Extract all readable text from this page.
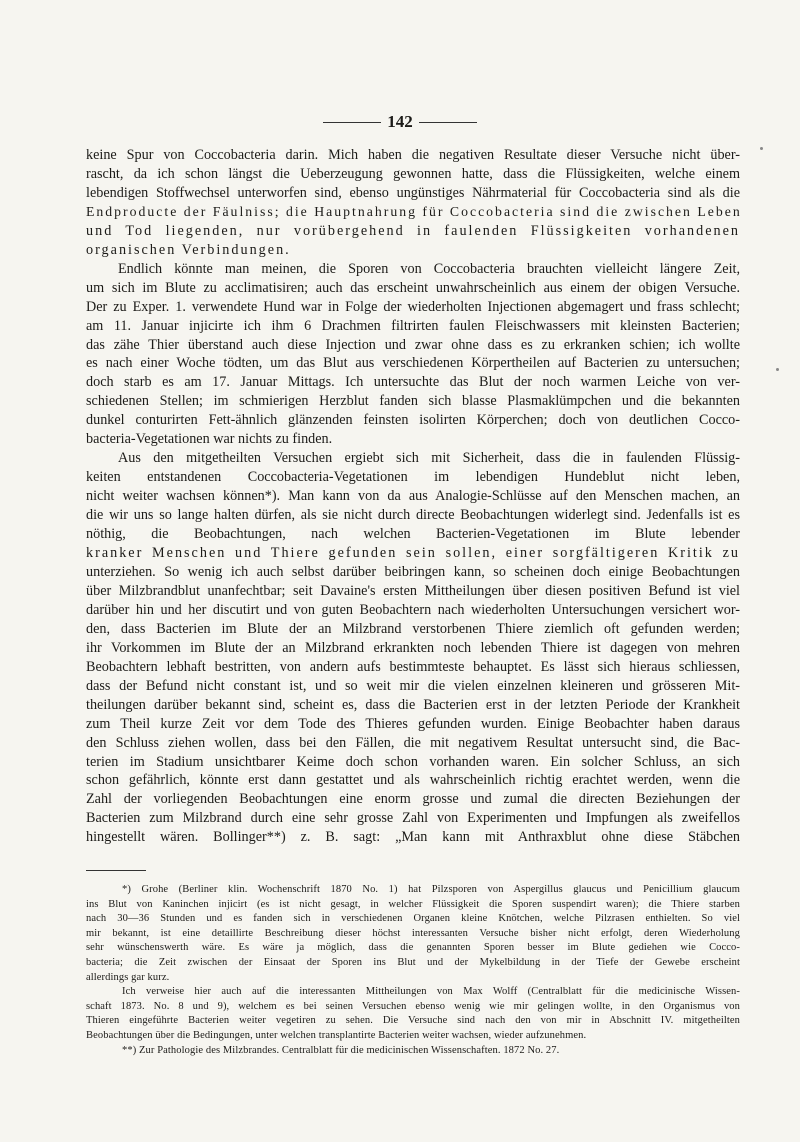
142
keine Spur von Coccobacteria darin. Mich haben die negativen Resultate dieser Versuche nicht über-
rascht, da ich schon längst die Ueberzeugung gewonnen hatte, dass die Flüssigkeiten, welche einem
lebendigen Stoffwechsel unterworfen sind, ebenso ungünstiges Nährmaterial für Coccobacteria sind als die
Endproducte der Fäulniss; die Hauptnahrung für Coccobacteria sind die zwischen Leben
und Tod liegenden, nur vorübergehend in faulenden Flüssigkeiten vorhandenen
organischen Verbindungen.
Endlich könnte man meinen, die Sporen von Coccobacteria brauchten vielleicht längere Zeit,
um sich im Blute zu acclimatisiren; auch das erscheint unwahrscheinlich aus einem der obigen Versuche.
Der zu Exper. 1. verwendete Hund war in Folge der wiederholten Injectionen abgemagert und frass schlecht;
am 11. Januar injicirte ich ihm 6 Drachmen filtrirten faulen Fleischwassers mit kleinsten Bacterien;
das zähe Thier überstand auch diese Injection und zwar ohne dass es zu erkranken schien; ich wollte
es nach einer Woche tödten, um das Blut aus verschiedenen Körpertheilen auf Bacterien zu untersuchen;
doch starb es am 17. Januar Mittags. Ich untersuchte das Blut der noch warmen Leiche von ver-
schiedenen Stellen; im schmierigen Herzblut fanden sich blasse Plasmaklümpchen und die bekannten
dunkel conturirten Fett-ähnlich glänzenden feinsten isolirten Körperchen; doch von deutlichen Cocco-
bacteria-Vegetationen war nichts zu finden.
Aus den mitgetheilten Versuchen ergiebt sich mit Sicherheit, dass die in faulenden Flüssig-
keiten entstandenen Coccobacteria-Vegetationen im lebendigen Hundeblut nicht leben,
nicht weiter wachsen können*). Man kann von da aus Analogie-Schlüsse auf den Menschen machen, an
die wir uns so lange halten dürfen, als sie nicht durch directe Beobachtungen widerlegt sind. Jedenfalls ist es
nöthig, die Beobachtungen, nach welchen Bacterien-Vegetationen im Blute lebender
kranker Menschen und Thiere gefunden sein sollen, einer sorgfältigeren Kritik zu
unterziehen. So wenig ich auch selbst darüber beibringen kann, so scheinen doch einige Beobachtungen
über Milzbrandblut unanfechtbar; seit Davaine's ersten Mittheilungen über diesen positiven Befund ist viel
darüber hin und her discutirt und von guten Beobachtern nach wiederholten Untersuchungen versichert wor-
den, dass Bacterien im Blute der an Milzbrand verstorbenen Thiere ziemlich oft gefunden werden;
ihr Vorkommen im Blute der an Milzbrand erkrankten noch lebenden Thiere ist dagegen von mehren
Beobachtern lebhaft bestritten, von andern aufs bestimmteste behauptet. Es lässt sich hieraus schliessen,
dass der Befund nicht constant ist, und so weit mir die vielen einzelnen kleineren und grösseren Mit-
theilungen darüber bekannt sind, scheint es, dass die Bacterien erst in der letzten Periode der Krankheit
zum Theil kurze Zeit vor dem Tode des Thieres gefunden wurden. Einige Beobachter haben daraus
den Schluss ziehen wollen, dass bei den Fällen, die mit negativem Resultat untersucht sind, die Bac-
terien im Stadium unsichtbarer Keime doch schon vorhanden waren. Ein solcher Schluss, an sich
schon gefährlich, könnte erst dann gestattet und als wahrscheinlich richtig erachtet werden, wenn die
Zahl der vorliegenden Beobachtungen eine enorm grosse und zumal die directen Beziehungen der
Bacterien zum Milzbrand durch eine sehr grosse Zahl von Experimenten und Impfungen als zweifellos
hingestellt wären. Bollinger**) z. B. sagt: „Man kann mit Anthraxblut ohne diese Stäbchen
*) Grohe (Berliner klin. Wochenschrift 1870 No. 1) hat Pilzsporen von Aspergillus glaucus und Penicillium glaucum
ins Blut von Kaninchen injicirt (es ist nicht gesagt, in welcher Flüssigkeit die Sporen suspendirt waren); die Thiere starben
nach 30—36 Stunden und es fanden sich in verschiedenen Organen kleine Knötchen, welche Pilzrasen enthielten. So viel
mir bekannt, ist eine detaillirte Beschreibung dieser höchst interessanten Versuche bisher nicht erfolgt, deren Wiederholung
sehr wünschenswerth wäre. Es wäre ja möglich, dass die genannten Sporen besser im Blute gediehen wie Cocco-
bacteria; die Zeit zwischen der Einsaat der Sporen ins Blut und der Mykelbildung in der Tiefe der Gewebe erscheint
allerdings gar kurz.
Ich verweise hier auch auf die interessanten Mittheilungen von Max Wolff (Centralblatt für die medicinische Wissen-
schaft 1873. No. 8 und 9), welchem es bei seinen Versuchen ebenso wenig wie mir gelingen wollte, in den Organismus von
Thieren eingeführte Bacterien weiter vegetiren zu sehen. Die Versuche sind nach den von mir in Abschnitt IV. mitgetheilten
Beobachtungen über die Bedingungen, unter welchen transplantirte Bacterien weiter wachsen, wieder aufzunehmen.
**) Zur Pathologie des Milzbrandes. Centralblatt für die medicinischen Wissenschaften. 1872 No. 27.
